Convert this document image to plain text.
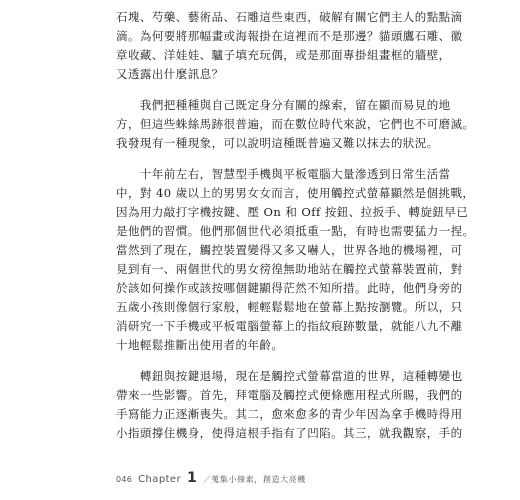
石塊、芍藥、藝術品、石雕這些東西，破解有關它們主人的點點滴
滴。為何要將那幅畫或海報掛在這裡而不是那邊？貓頭鷹石雕、徽
章收藏、洋娃娃、驢子填充玩偶，或是那面專掛組畫框的牆壁，
又透露出什麼訊息？

　　我們把種種與自己既定身分有關的線索，留在顯而易見的地
方，但這些蛛絲馬跡很普遍，而在數位時代來說，它們也不可磨滅。
我發現有一種現象，可以說明這種既普遍又難以抹去的狀況。

　　十年前左右，智慧型手機與平板電腦大量滲透到日常生活當
中，對 40 歲以上的男男女女而言，使用觸控式螢幕顯然是個挑戰，
因為用力敲打字機按鍵、壓 On 和 Off 按鈕、拉扳手、轉旋鈕早已
是他們的習慣。他們那個世代必須抵重一點，有時也需要猛力一捏。
當然到了現在，觸控裝置變得又多又嚇人，世界各地的機場裡，可
見到有一、兩個世代的男女徬徨無助地站在觸控式螢幕裝置前，對
於該如何操作或該按哪個鍵顯得茫然不知所措。此時，他們身旁的
五歲小孩則像個行家般，輕輕鬆鬆地在螢幕上點按瀏覽。所以，只
消研究一下手機或平板電腦螢幕上的指紋痕跡數量，就能八九不離
十地輕鬆推斷出使用者的年齡。

　　轉鈕與按鍵退場，現在是觸控式螢幕當道的世界，這種轉變也
帶來一些影響。首先，拜電腦及觸控式便條應用程式所賜，我們的
手寫能力正逐漸喪失。其二，愈來愈多的青少年因為拿手機時得用
小指頭撐住機身，使得這根手指有了凹陷。其三，就我觀察，手的

046 Chapter 1 ／蒐集小線索，創造大亮機
